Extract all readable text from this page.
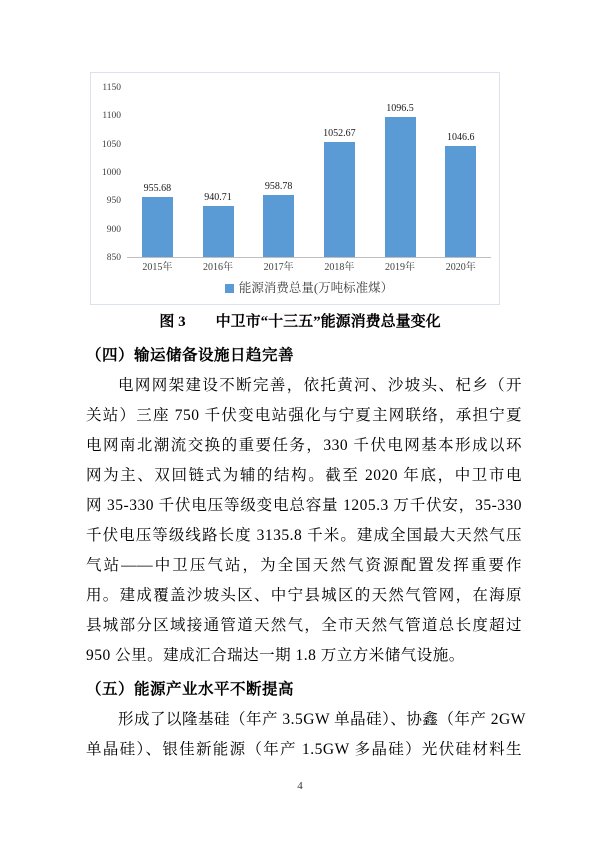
1150
1100
1050
1000
950
900
850
955.68
940.71
958.78
1052.67
1096.5
1046.6
2015年	2016年	2017年	2018年	2019年	2020年
能源消费总量(万吨标准煤）
图 3　　中卫市“十三五”能源消费总量变化
（四）输运储备设施日趋完善
电网网架建设不断完善，依托黄河、沙坡头、杞乡（开
关站）三座 750 千伏变电站强化与宁夏主网联络，承担宁夏
电网南北潮流交换的重要任务，330 千伏电网基本形成以环
网为主、双回链式为辅的结构。截至 2020 年底，中卫市电
网 35-330 千伏电压等级变电总容量 1205.3 万千伏安，35-330
千伏电压等级线路长度 3135.8 千米。建成全国最大天然气压
气站——中卫压气站，为全国天然气资源配置发挥重要作
用。建成覆盖沙坡头区、中宁县城区的天然气管网，在海原
县城部分区域接通管道天然气，全市天然气管道总长度超过
950 公里。建成汇合瑞达一期 1.8 万立方米储气设施。
（五）能源产业水平不断提高
形成了以隆基硅（年产 3.5GW 单晶硅）、协鑫（年产 2GW
单晶硅）、银佳新能源（年产 1.5GW 多晶硅）光伏硅材料生
4
